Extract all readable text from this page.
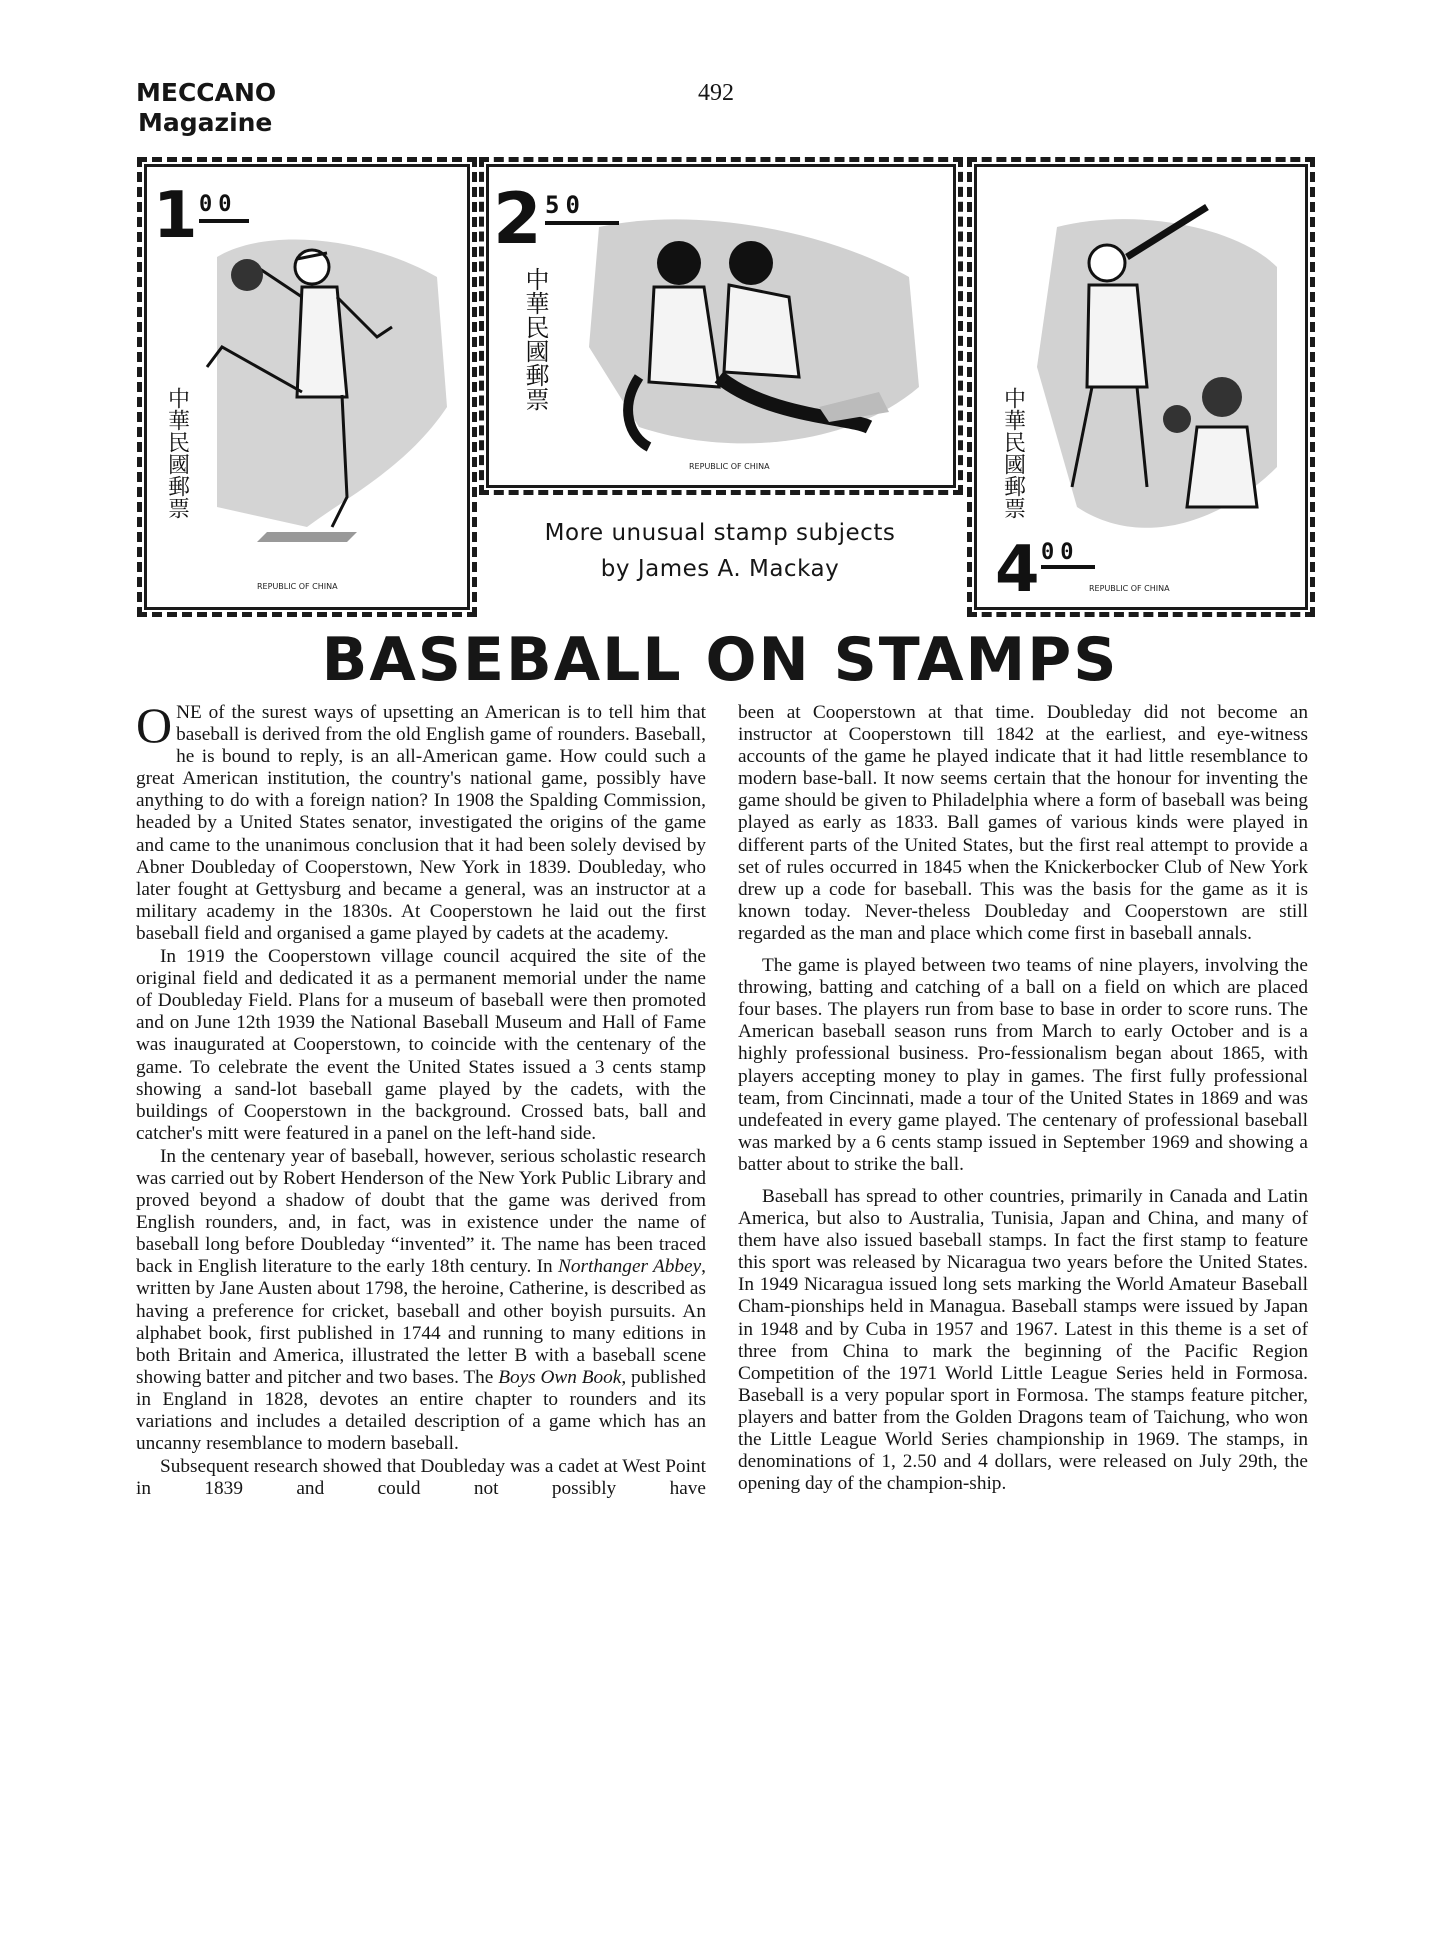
MECCANO
Magazine
492
1 00
中華民國郵票
REPUBLIC OF CHINA
2 50
中華民國郵票
REPUBLIC OF CHINA	中華民國郵票
4 00
REPUBLIC OF CHINA
More unusual stamp subjects
by James A. Mackay
BASEBALL ON STAMPS

ONE of the surest ways of upsetting an American is to tell him that baseball is derived from the old English game of rounders. Baseball, he is bound to reply, is an all-American game. How could such a great American institution, the country's national game, possibly have anything to do with a foreign nation? In 1908 the Spalding Commission, headed by a United States senator, investigated the origins of the game and came to the unanimous conclusion that it had been solely devised by Abner Doubleday of Cooperstown, New York in 1839. Doubleday, who later fought at Gettysburg and became a general, was an instructor at a military academy in the 1830s. At Cooperstown he laid out the first baseball field and organised a game played by cadets at the academy.

In 1919 the Cooperstown village council acquired the site of the original field and dedicated it as a permanent memorial under the name of Doubleday Field. Plans for a museum of baseball were then promoted and on June 12th 1939 the National Baseball Museum and Hall of Fame was inaugurated at Cooperstown, to coincide with the centenary of the game. To celebrate the event the United States issued a 3 cents stamp showing a sand-lot baseball game played by the cadets, with the buildings of Cooperstown in the background. Crossed bats, ball and catcher's mitt were featured in a panel on the left-hand side.

In the centenary year of baseball, however, serious scholastic research was carried out by Robert Henderson of the New York Public Library and proved beyond a shadow of doubt that the game was derived from English rounders, and, in fact, was in existence under the name of baseball long before Doubleday “invented” it. The name has been traced back in English literature to the early 18th century. In Northanger Abbey, written by Jane Austen about 1798, the heroine, Catherine, is described as having a preference for cricket, baseball and other boyish pursuits. An alphabet book, first published in 1744 and running to many editions in both Britain and America, illustrated the letter B with a baseball scene showing batter and pitcher and two bases. The Boys Own Book, published in England in 1828, devotes an entire chapter to rounders and its variations and includes a detailed description of a game which has an uncanny resemblance to modern baseball.

Subsequent research showed that Doubleday was a cadet at West Point in 1839 and could not possibly have

been at Cooperstown at that time. Doubleday did not become an instructor at Cooperstown till 1842 at the earliest, and eye-witness accounts of the game he played indicate that it had little resemblance to modern base-ball. It now seems certain that the honour for inventing the game should be given to Philadelphia where a form of baseball was being played as early as 1833. Ball games of various kinds were played in different parts of the United States, but the first real attempt to provide a set of rules occurred in 1845 when the Knickerbocker Club of New York drew up a code for baseball. This was the basis for the game as it is known today. Never-theless Doubleday and Cooperstown are still regarded as the man and place which come first in baseball annals.

The game is played between two teams of nine players, involving the throwing, batting and catching of a ball on a field on which are placed four bases. The players run from base to base in order to score runs. The American baseball season runs from March to early October and is a highly professional business. Pro-fessionalism began about 1865, with players accepting money to play in games. The first fully professional team, from Cincinnati, made a tour of the United States in 1869 and was undefeated in every game played. The centenary of professional baseball was marked by a 6 cents stamp issued in September 1969 and showing a batter about to strike the ball.

Baseball has spread to other countries, primarily in Canada and Latin America, but also to Australia, Tunisia, Japan and China, and many of them have also issued baseball stamps. In fact the first stamp to feature this sport was released by Nicaragua two years before the United States. In 1949 Nicaragua issued long sets marking the World Amateur Baseball Cham-pionships held in Managua. Baseball stamps were issued by Japan in 1948 and by Cuba in 1957 and 1967. Latest in this theme is a set of three from China to mark the beginning of the Pacific Region Competition of the 1971 World Little League Series held in Formosa. Baseball is a very popular sport in Formosa. The stamps feature pitcher, players and batter from the Golden Dragons team of Taichung, who won the Little League World Series championship in 1969. The stamps, in denominations of 1, 2.50 and 4 dollars, were released on July 29th, the opening day of the champion-ship.
